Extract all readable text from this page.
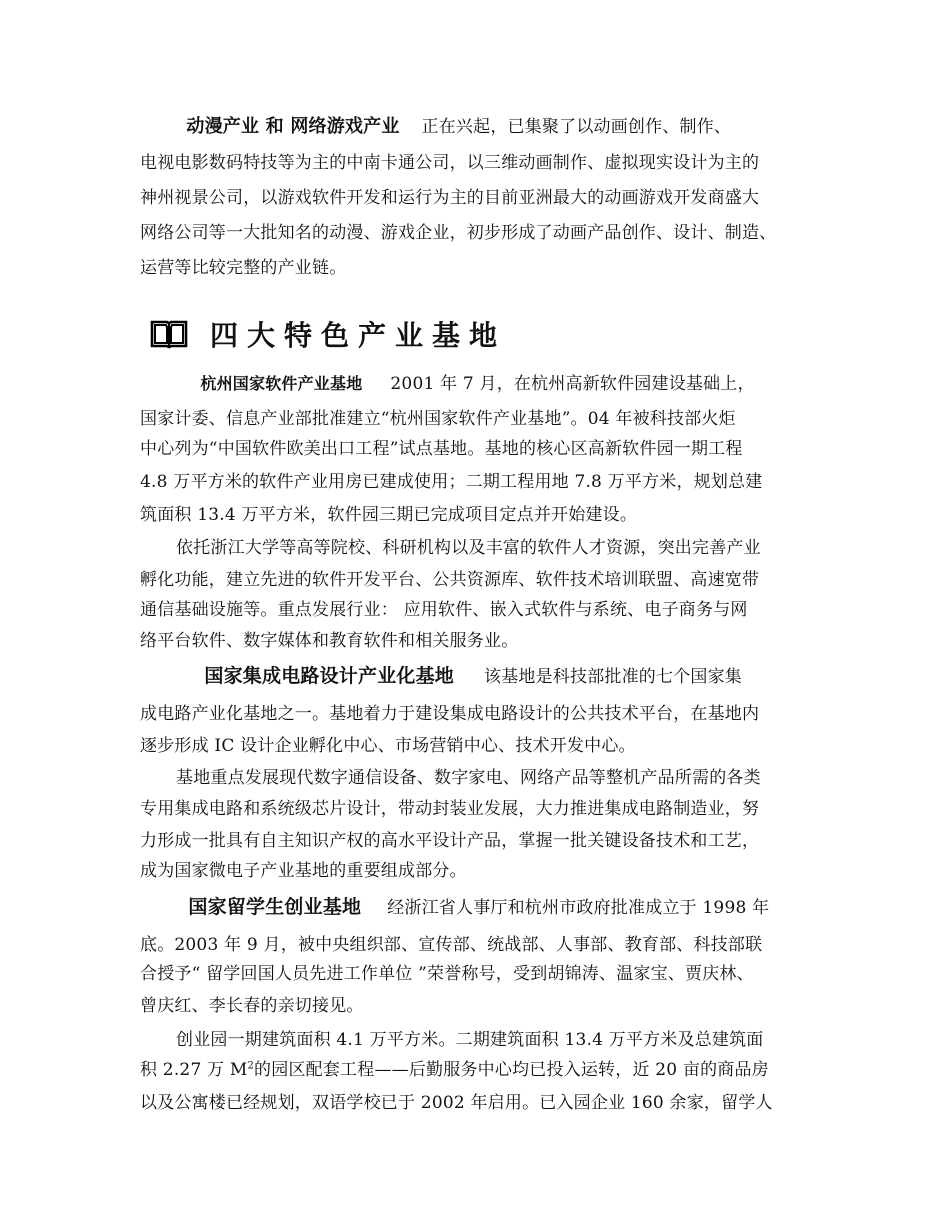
动漫产业 和 网络游戏产业 正在兴起，已集聚了以动画创作、制作、
电视电影数码特技等为主的中南卡通公司，以三维动画制作、虚拟现实设计为主的
神州视景公司，以游戏软件开发和运行为主的目前亚洲最大的动画游戏开发商盛大
网络公司等一大批知名的动漫、游戏企业，初步形成了动画产品创作、设计、制造、
运营等比较完整的产业链。
四大特色产业基地
杭州国家软件产业基地 2001 年 7 月，在杭州高新软件园建设基础上，
国家计委、信息产业部批准建立“杭州国家软件产业基地”。04 年被科技部火炬
中心列为“中国软件欧美出口工程”试点基地。基地的核心区高新软件园一期工程
4.8 万平方米的软件产业用房已建成使用；二期工程用地 7.8 万平方米，规划总建
筑面积 13.4 万平方米，软件园三期已完成项目定点并开始建设。
依托浙江大学等高等院校、科研机构以及丰富的软件人才资源，突出完善产业
孵化功能，建立先进的软件开发平台、公共资源库、软件技术培训联盟、高速宽带
通信基础设施等。重点发展行业： 应用软件、嵌入式软件与系统、电子商务与网
络平台软件、数字媒体和教育软件和相关服务业。
国家集成电路设计产业化基地 该基地是科技部批准的七个国家集
成电路产业化基地之一。基地着力于建设集成电路设计的公共技术平台，在基地内
逐步形成 IC 设计企业孵化中心、市场营销中心、技术开发中心。
基地重点发展现代数字通信设备、数字家电、网络产品等整机产品所需的各类
专用集成电路和系统级芯片设计，带动封装业发展，大力推进集成电路制造业，努
力形成一批具有自主知识产权的高水平设计产品，掌握一批关键设备技术和工艺，
成为国家微电子产业基地的重要组成部分。
国家留学生创业基地 经浙江省人事厅和杭州市政府批准成立于 1998 年
底。2003 年 9 月，被中央组织部、宣传部、统战部、人事部、教育部、科技部联
合授予“ 留学回国人员先进工作单位 ”荣誉称号，受到胡锦涛、温家宝、贾庆林、
曾庆红、李长春的亲切接见。
创业园一期建筑面积 4.1 万平方米。二期建筑面积 13.4 万平方米及总建筑面
积 2.27 万 $M^2$的园区配套工程——后勤服务中心均已投入运转，近 20 亩的商品房
以及公寓楼已经规划，双语学校已于 2002 年启用。已入园企业 160 余家，留学人
